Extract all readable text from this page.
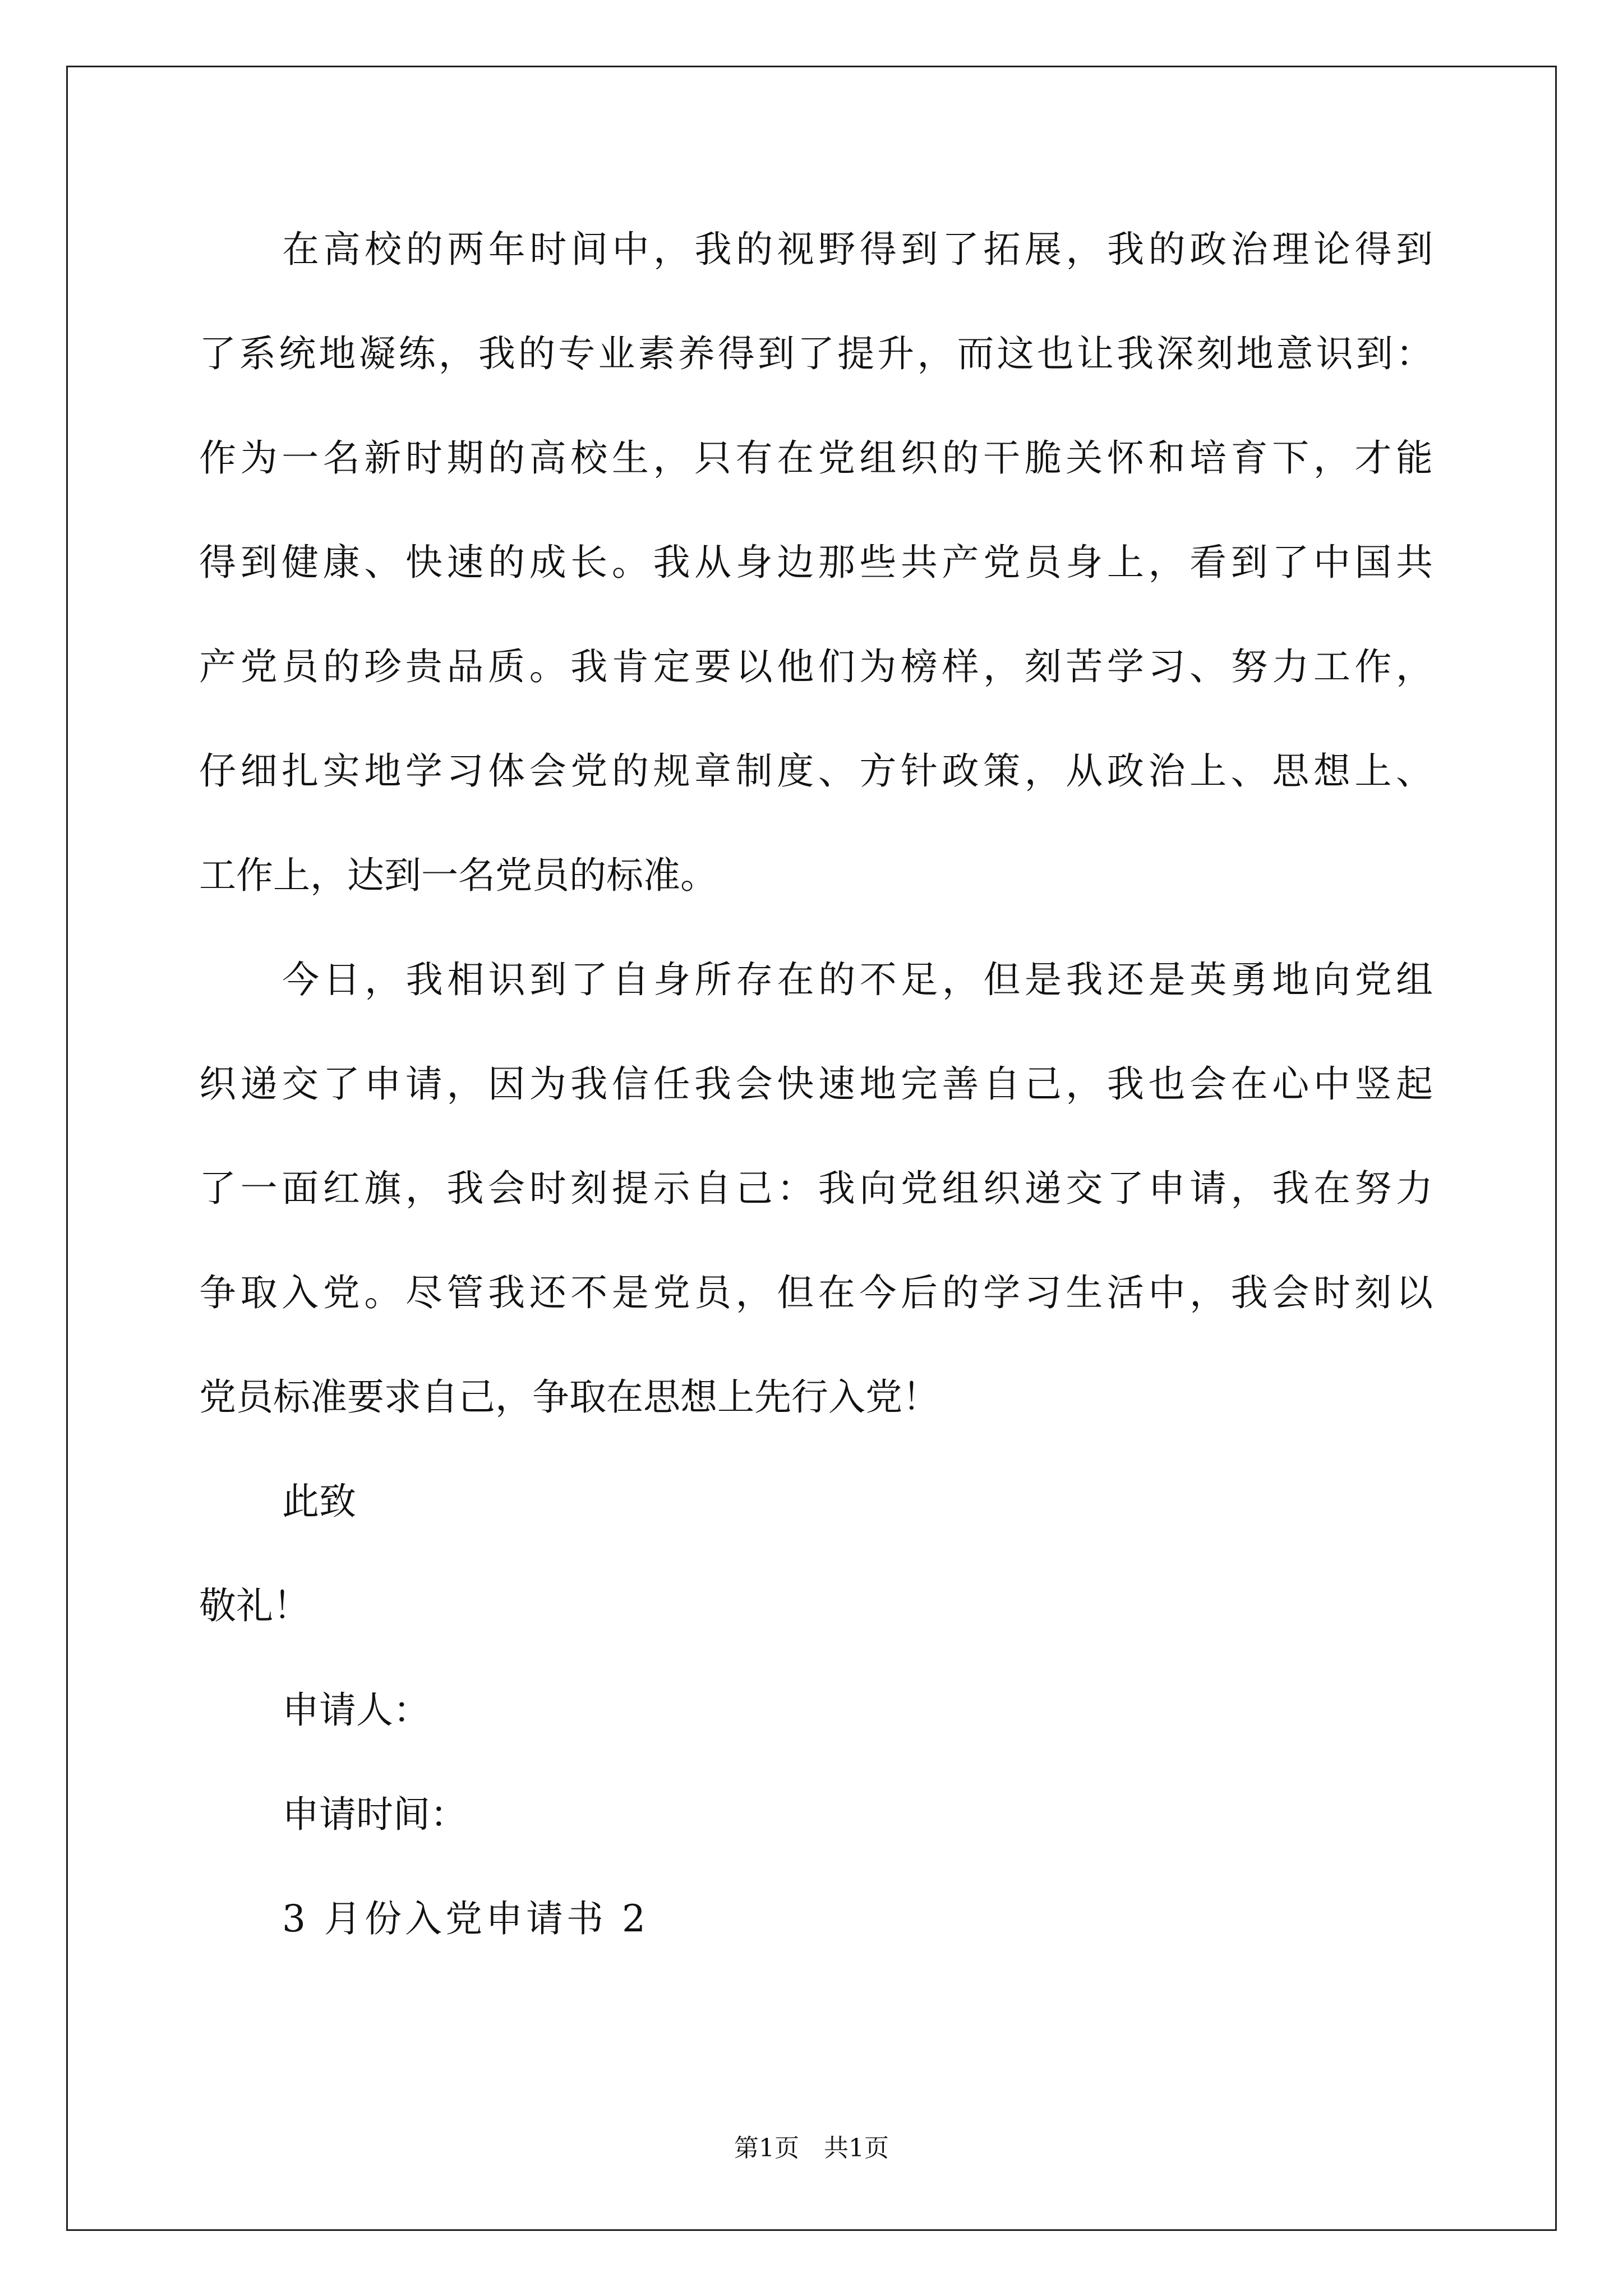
在高校的两年时间中，我的视野得到了拓展，我的政治理论得到
了系统地凝练，我的专业素养得到了提升，而这也让我深刻地意识到：
作为一名新时期的高校生，只有在党组织的干脆关怀和培育下，才能
得到健康、快速的成长。我从身边那些共产党员身上，看到了中国共
产党员的珍贵品质。我肯定要以他们为榜样，刻苦学习、努力工作，
仔细扎实地学习体会党的规章制度、方针政策，从政治上、思想上、
工作上，达到一名党员的标准。
今日，我相识到了自身所存在的不足，但是我还是英勇地向党组
织递交了申请，因为我信任我会快速地完善自己，我也会在心中竖起
了一面红旗，我会时刻提示自己：我向党组织递交了申请，我在努力
争取入党。尽管我还不是党员，但在今后的学习生活中，我会时刻以
党员标准要求自己，争取在思想上先行入党！
此致
敬礼！
申请人：
申请时间：
3 月份入党申请书 2
第1页　共1页
